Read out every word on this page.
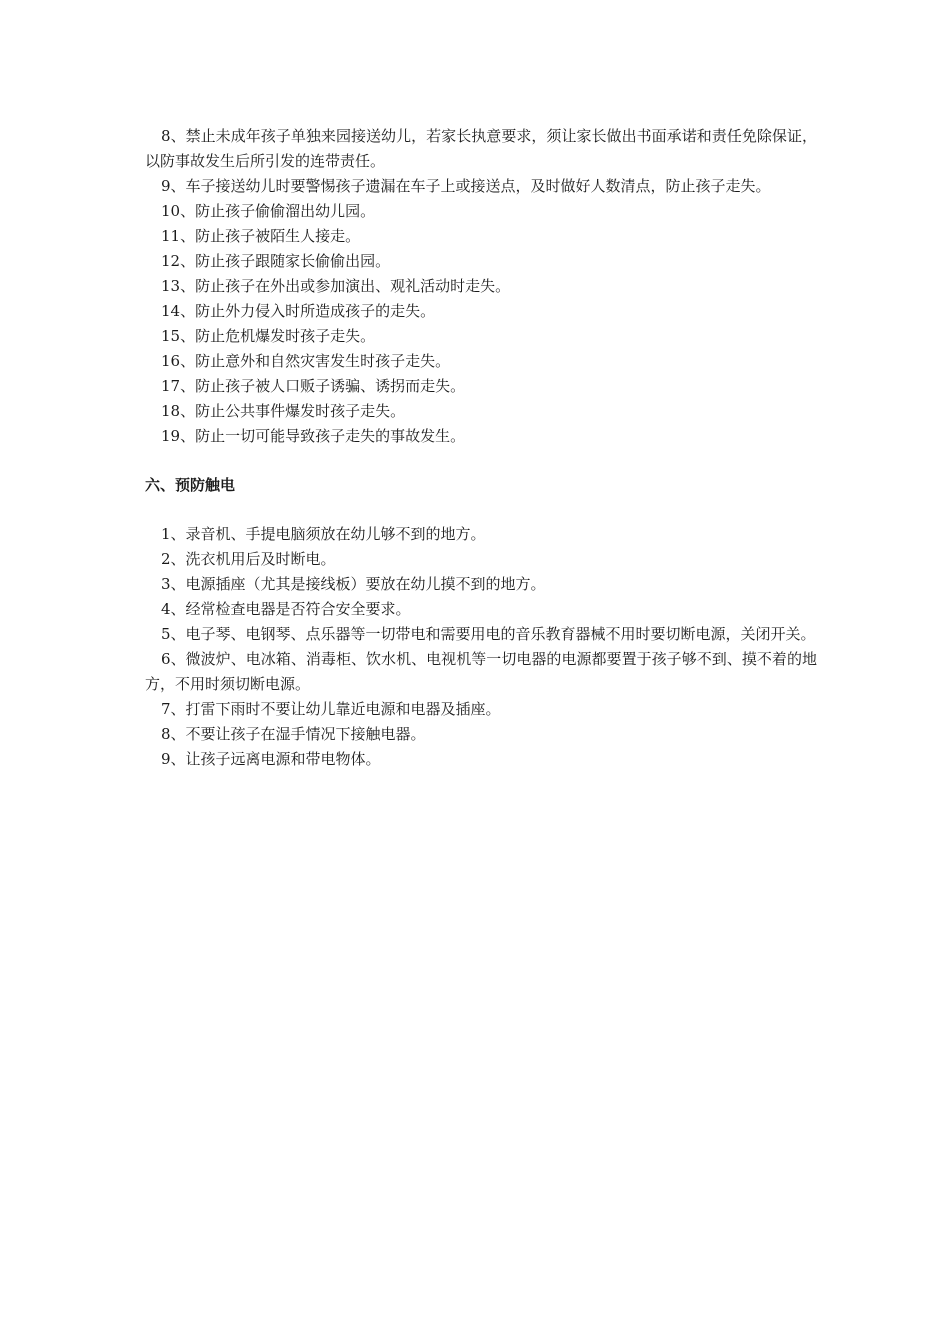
8、禁止未成年孩子单独来园接送幼儿，若家长执意要求，须让家长做出书面承诺和责任免除保证，以防事故发生后所引发的连带责任。

9、车子接送幼儿时要警惕孩子遗漏在车子上或接送点，及时做好人数清点，防止孩子走失。

10、防止孩子偷偷溜出幼儿园。

11、防止孩子被陌生人接走。

12、防止孩子跟随家长偷偷出园。

13、防止孩子在外出或参加演出、观礼活动时走失。

14、防止外力侵入时所造成孩子的走失。

15、防止危机爆发时孩子走失。

16、防止意外和自然灾害发生时孩子走失。

17、防止孩子被人口贩子诱骗、诱拐而走失。

18、防止公共事件爆发时孩子走失。

19、防止一切可能导致孩子走失的事故发生。

六、预防触电

1、录音机、手提电脑须放在幼儿够不到的地方。

2、洗衣机用后及时断电。

3、电源插座（尤其是接线板）要放在幼儿摸不到的地方。

4、经常检查电器是否符合安全要求。

5、电子琴、电钢琴、点乐器等一切带电和需要用电的音乐教育器械不用时要切断电源，关闭开关。

6、微波炉、电冰箱、消毒柜、饮水机、电视机等一切电器的电源都要置于孩子够不到、摸不着的地方，不用时须切断电源。

7、打雷下雨时不要让幼儿靠近电源和电器及插座。

8、不要让孩子在湿手情况下接触电器。

9、让孩子远离电源和带电物体。
